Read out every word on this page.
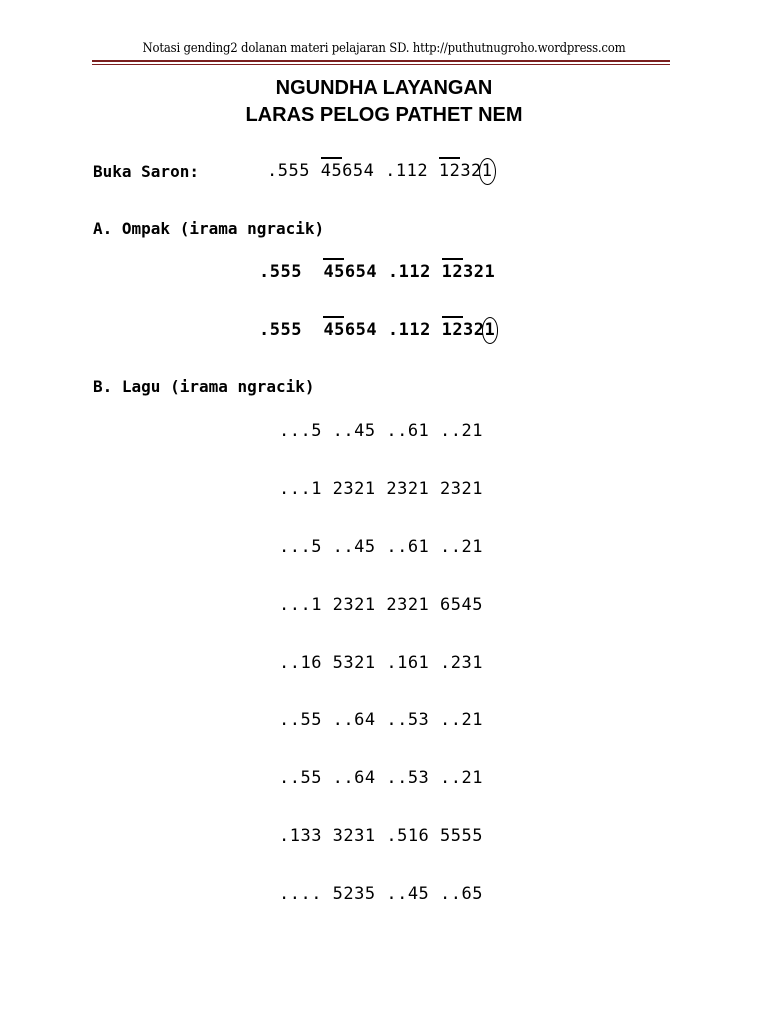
Notasi gending2 dolanan materi pelajaran SD. http://puthutnugroho.wordpress.com
NGUNDHA LAYANGAN
LARAS PELOG PATHET NEM
Buka Saron:	.555 45654 .112 12321
A. Ompak (irama ngracik)
.555 45654 .112 12321
.555 45654 .112 12321
B. Lagu (irama ngracik)
...5 ..45 ..61 ..21
...1 2321 2321 2321
...5 ..45 ..61 ..21
...1 2321 2321 6545
..16 5321 .161 .231
..55 ..64 ..53 ..21
..55 ..64 ..53 ..21
.133 3231 .516 5555
.... 5235 ..45 ..65
